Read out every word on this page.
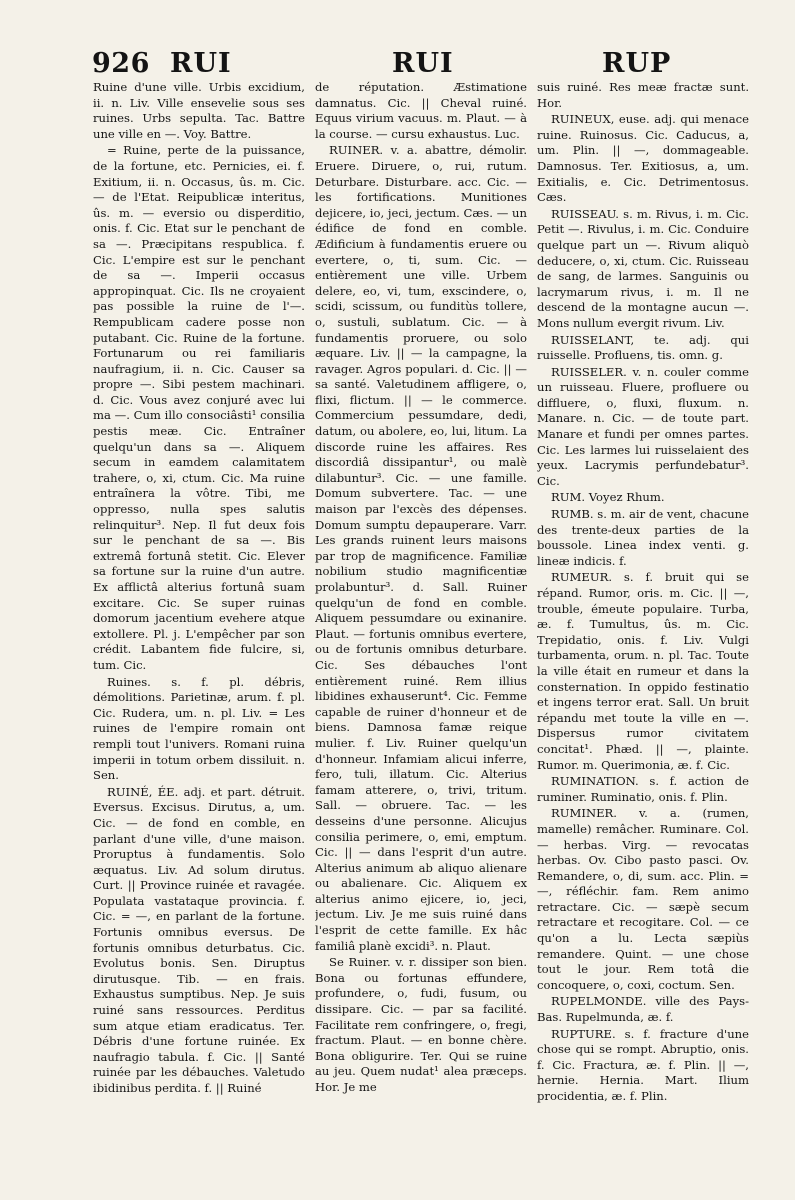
926 RUI	RUI	RUP

Ruine d'une ville. Urbis excidium, ii. n. Liv. Ville ensevelie sous ses ruines. Urbs sepulta. Tac. Battre une ville en —. Voy. Battre.

= Ruine, perte de la puissance, de la fortune, etc. Pernicies, ei. f. Exitium, ii. n. Occasus, ûs. m. Cic. — de l'Etat. Reipublicæ interitus, ûs. m. — eversio ou disperditio, onis. f. Cic. Etat sur le penchant de sa —. Præcipitans respublica. f. Cic. L'empire est sur le penchant de sa —. Imperii occasus appropinquat. Cic. Ils ne croyaient pas possible la ruine de l'—. Rempublicam cadere posse non putabant. Cic. Ruine de la fortune. Fortunarum ou rei familiaris naufragium, ii. n. Cic. Causer sa propre —. Sibi pestem machinari. d. Cic. Vous avez conjuré avec lui ma —. Cum illo consociâsti¹ consilia pestis meæ. Cic. Entraîner quelqu'un dans sa —. Aliquem secum in eamdem calamitatem trahere, o, xi, ctum. Cic. Ma ruine entraînera la vôtre. Tibi, me oppresso, nulla spes salutis relinquitur³. Nep. Il fut deux fois sur le penchant de sa —. Bis extremâ fortunâ stetit. Cic. Elever sa fortune sur la ruine d'un autre. Ex afflictâ alterius fortunâ suam excitare. Cic. Se super ruinas domorum jacentium evehere atque extollere. Pl. j. L'empêcher par son crédit. Labantem fide fulcire, si, tum. Cic.

Ruines. s. f. pl. débris, démolitions. Parietinæ, arum. f. pl. Cic. Rudera, um. n. pl. Liv. = Les ruines de l'empire romain ont rempli tout l'univers. Romani ruina imperii in totum orbem dissiluit. n. Sen.

RUINÉ, ÉE. adj. et part. détruit. Eversus. Excisus. Dirutus, a, um. Cic. — de fond en comble, en parlant d'une ville, d'une maison. Proruptus à fundamentis. Solo æquatus. Liv. Ad solum dirutus. Curt. || Province ruinée et ravagée. Populata vastataque provincia. f. Cic. = —, en parlant de la fortune. Fortunis omnibus eversus. De fortunis omnibus deturbatus. Cic. Evolutus bonis. Sen. Diruptus dirutusque. Tib. — en frais. Exhaustus sumptibus. Nep. Je suis ruiné sans ressources. Perditus sum atque etiam eradicatus. Ter. Débris d'une fortune ruinée. Ex naufragio tabula. f. Cic. || Santé ruinée par les débauches. Valetudo ibidinibus perdita. f. || Ruiné

de réputation. Æstimatione damnatus. Cic. || Cheval ruiné. Equus virium vacuus. m. Plaut. — à la course. — cursu exhaustus. Luc.

RUINER. v. a. abattre, démolir. Eruere. Diruere, o, rui, rutum. Deturbare. Disturbare. acc. Cic. — les fortifications. Munitiones dejicere, io, jeci, jectum. Cæs. — un édifice de fond en comble. Ædificium à fundamentis eruere ou evertere, o, ti, sum. Cic. — entièrement une ville. Urbem delere, eo, vi, tum, exscindere, o, scidi, scissum, ou funditùs tollere, o, sustuli, sublatum. Cic. — à fundamentis proruere, ou solo æquare. Liv. || — la campagne, la ravager. Agros populari. d. Cic. || — sa santé. Valetudinem affligere, o, flixi, flictum. || — le commerce. Commercium pessumdare, dedi, datum, ou abolere, eo, lui, litum. La discorde ruine les affaires. Res discordiâ dissipantur¹, ou malè dilabuntur³. Cic. — une famille. Domum subvertere. Tac. — une maison par l'excès des dépenses. Domum sumptu depauperare. Varr. Les grands ruinent leurs maisons par trop de magnificence. Familiæ nobilium studio magnificentiæ prolabuntur³. d. Sall. Ruiner quelqu'un de fond en comble. Aliquem pessumdare ou exinanire. Plaut. — fortunis omnibus evertere, ou de fortunis omnibus deturbare. Cic. Ses débauches l'ont entièrement ruiné. Rem illius libidines exhauserunt⁴. Cic. Femme capable de ruiner d'honneur et de biens. Damnosa famæ reique mulier. f. Liv. Ruiner quelqu'un d'honneur. Infamiam alicui inferre, fero, tuli, illatum. Cic. Alterius famam atterere, o, trivi, tritum. Sall. — obruere. Tac. — les desseins d'une personne. Alicujus consilia perimere, o, emi, emptum. Cic. || — dans l'esprit d'un autre. Alterius animum ab aliquo alienare ou abalienare. Cic. Aliquem ex alterius animo ejicere, io, jeci, jectum. Liv. Je me suis ruiné dans l'esprit de cette famille. Ex hâc familiâ planè excidi³. n. Plaut.

Se Ruiner. v. r. dissiper son bien. Bona ou fortunas effundere, profundere, o, fudi, fusum, ou dissipare. Cic. — par sa facilité. Facilitate rem confringere, o, fregi, fractum. Plaut. — en bonne chère. Bona obligurire. Ter. Qui se ruine au jeu. Quem nudat¹ alea præceps. Hor. Je me

suis ruiné. Res meæ fractæ sunt. Hor.

RUINEUX, euse. adj. qui menace ruine. Ruinosus. Cic. Caducus, a, um. Plin. || —, dommageable. Damnosus. Ter. Exitiosus, a, um. Exitialis, e. Cic. Detrimentosus. Cæs.

RUISSEAU. s. m. Rivus, i. m. Cic. Petit —. Rivulus, i. m. Cic. Conduire quelque part un —. Rivum aliquò deducere, o, xi, ctum. Cic. Ruisseau de sang, de larmes. Sanguinis ou lacrymarum rivus, i. m. Il ne descend de la montagne aucun —. Mons nullum evergit rivum. Liv.

RUISSELANT, te. adj. qui ruisselle. Profluens, tis. omn. g.

RUISSELER. v. n. couler comme un ruisseau. Fluere, profluere ou diffluere, o, fluxi, fluxum. n. Manare. n. Cic. — de toute part. Manare et fundi per omnes partes. Cic. Les larmes lui ruisselaient des yeux. Lacrymis perfundebatur³. Cic.

RUM. Voyez Rhum.

RUMB. s. m. air de vent, chacune des trente-deux parties de la boussole. Linea index venti. g. lineæ indicis. f.

RUMEUR. s. f. bruit qui se répand. Rumor, oris. m. Cic. || —, trouble, émeute populaire. Turba, æ. f. Tumultus, ûs. m. Cic. Trepidatio, onis. f. Liv. Vulgi turbamenta, orum. n. pl. Tac. Toute la ville était en rumeur et dans la consternation. In oppido festinatio et ingens terror erat. Sall. Un bruit répandu met toute la ville en —. Dispersus rumor civitatem concitat¹. Phæd. || —, plainte. Rumor. m. Querimonia, æ. f. Cic.

RUMINATION. s. f. action de ruminer. Ruminatio, onis. f. Plin.

RUMINER. v. a. (rumen, mamelle) remâcher. Ruminare. Col. — herbas. Virg. — revocatas herbas. Ov. Cibo pasto pasci. Ov. Remandere, o, di, sum. acc. Plin. = —, réfléchir. fam. Rem animo retractare. Cic. — sæpè secum retractare et recogitare. Col. — ce qu'on a lu. Lecta sæpiùs remandere. Quint. — une chose tout le jour. Rem totâ die concoquere, o, coxi, coctum. Sen.

RUPELMONDE. ville des Pays-Bas. Rupelmunda, æ. f.

RUPTURE. s. f. fracture d'une chose qui se rompt. Abruptio, onis. f. Cic. Fractura, æ. f. Plin. || —, hernie. Hernia. Mart. Ilium procidentia, æ. f. Plin.
